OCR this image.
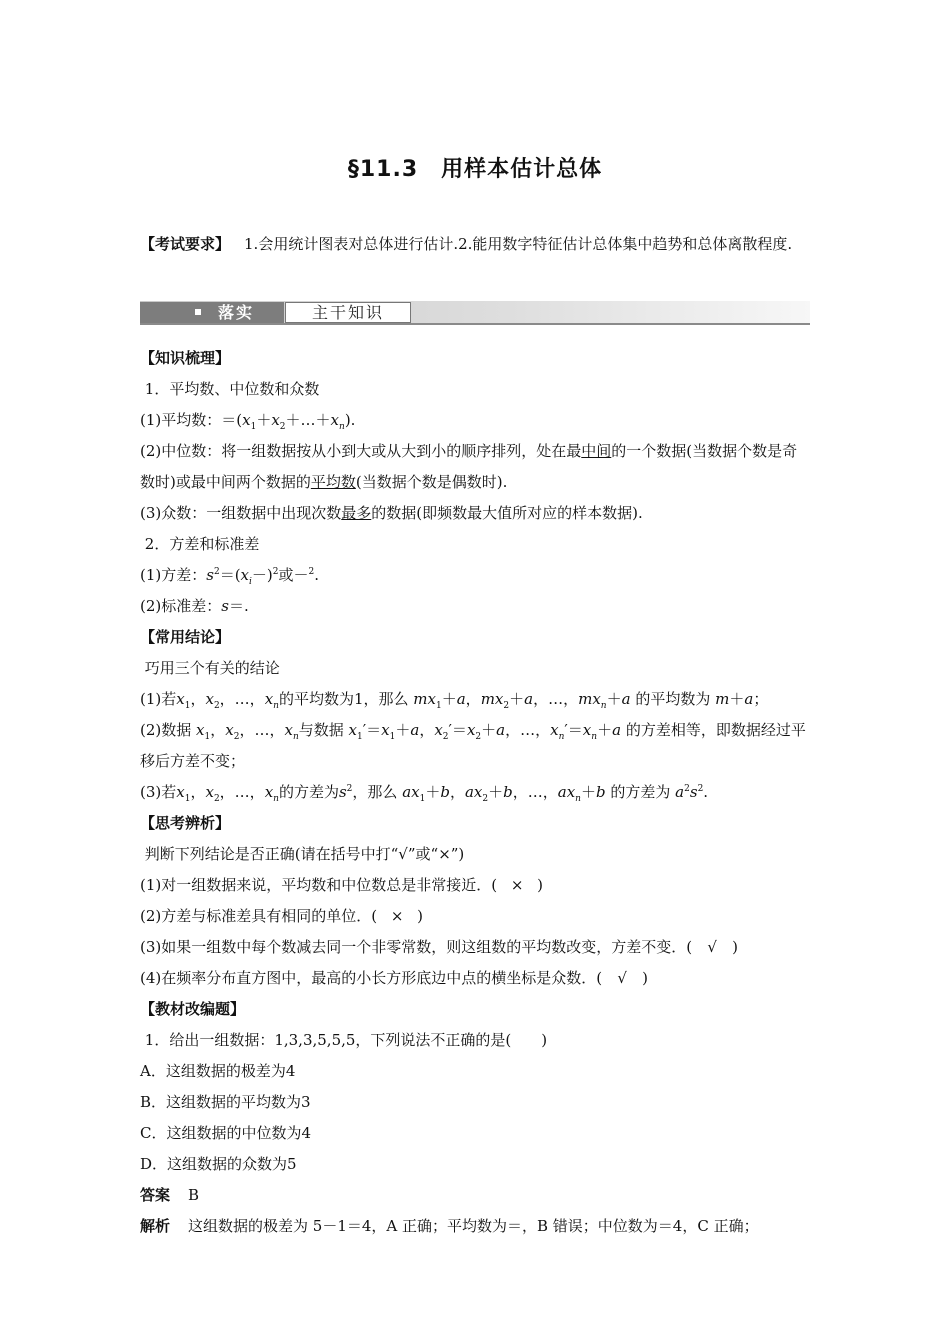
§11.3　用样本估计总体
【考试要求】 1.会用统计图表对总体进行估计.2.能用数字特征估计总体集中趋势和总体离散程度.
落实	主干知识
【知识梳理】
1．平均数、中位数和众数
(1)平均数：$=(x_1+x_2+\dots+x_n)$.
(2)中位数：将一组数据按从小到大或从大到小的顺序排列，处在最中间的一个数据(当数据个数是奇数时)或最中间两个数据的平均数(当数据个数是偶数时).
(3)众数：一组数据中出现次数最多的数据(即频数最大值所对应的样本数据).
2．方差和标准差
(1)方差：$s^2=(x_i-)^2$或－$^2$.
(2)标准差：s＝.
【常用结论】
巧用三个有关的结论
(1)若$x_1$，$x_2$，…，$x_n$的平均数为1，那么 $mx_1+a$，$mx_2+a$，…，$mx_n+a$ 的平均数为 m＋a；
(2)数据 $x_1$，$x_2$，…，$x_n$与数据 $x_1'=x_1+a$，$x_2'=x_2+a$，…，$x_n'=x_n+a$ 的方差相等，即数据经过平移后方差不变；
(3)若$x_1$，$x_2$，…，$x_n$的方差为$s^2$，那么 $ax_1+b$，$ax_2+b$，…，$ax_n+b$ 的方差为 $a^2s^2$.
【思考辨析】
判断下列结论是否正确(请在括号中打“√”或“×”)
(1)对一组数据来说，平均数和中位数总是非常接近．( × )
(2)方差与标准差具有相同的单位．( × )
(3)如果一组数中每个数减去同一个非零常数，则这组数的平均数改变，方差不变．( √ )
(4)在频率分布直方图中，最高的小长方形底边中点的横坐标是众数．( √ )
【教材改编题】
1．给出一组数据：1,3,3,5,5,5，下列说法不正确的是(　　)
A．这组数据的极差为4
B．这组数据的平均数为3
C．这组数据的中位数为4
D．这组数据的众数为5
答案 B
解析 这组数据的极差为 5－1＝4，A 正确；平均数为＝，B 错误；中位数为＝4，C 正确；
